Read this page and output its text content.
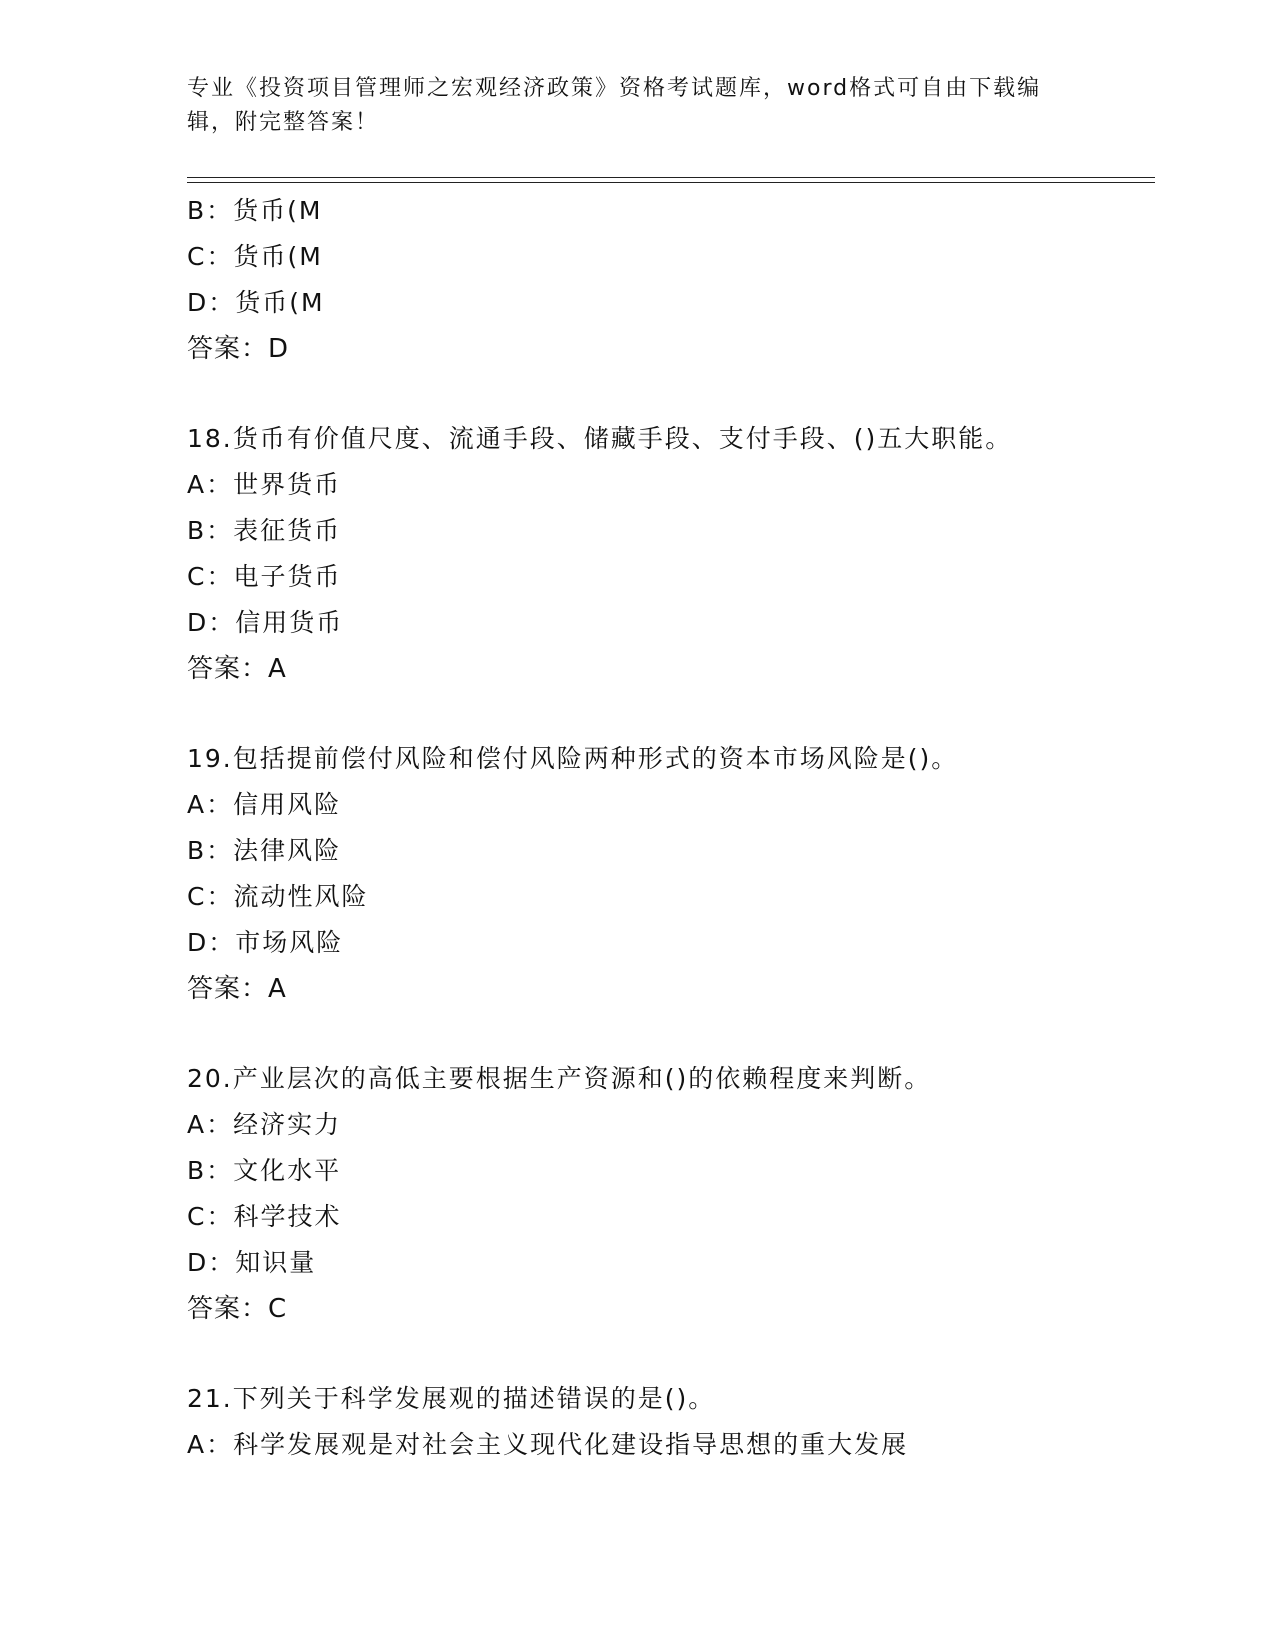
专业《投资项目管理师之宏观经济政策》资格考试题库，word格式可自由下载编
辑，附完整答案！
B：货币(M
C：货币(M
D：货币(M
答案：D
18.货币有价值尺度、流通手段、储藏手段、支付手段、()五大职能。
A：世界货币
B：表征货币
C：电子货币
D：信用货币
答案：A
19.包括提前偿付风险和偿付风险两种形式的资本市场风险是()。
A：信用风险
B：法律风险
C：流动性风险
D：市场风险
答案：A
20.产业层次的高低主要根据生产资源和()的依赖程度来判断。
A：经济实力
B：文化水平
C：科学技术
D：知识量
答案：C
21.下列关于科学发展观的描述错误的是()。
A：科学发展观是对社会主义现代化建设指导思想的重大发展
